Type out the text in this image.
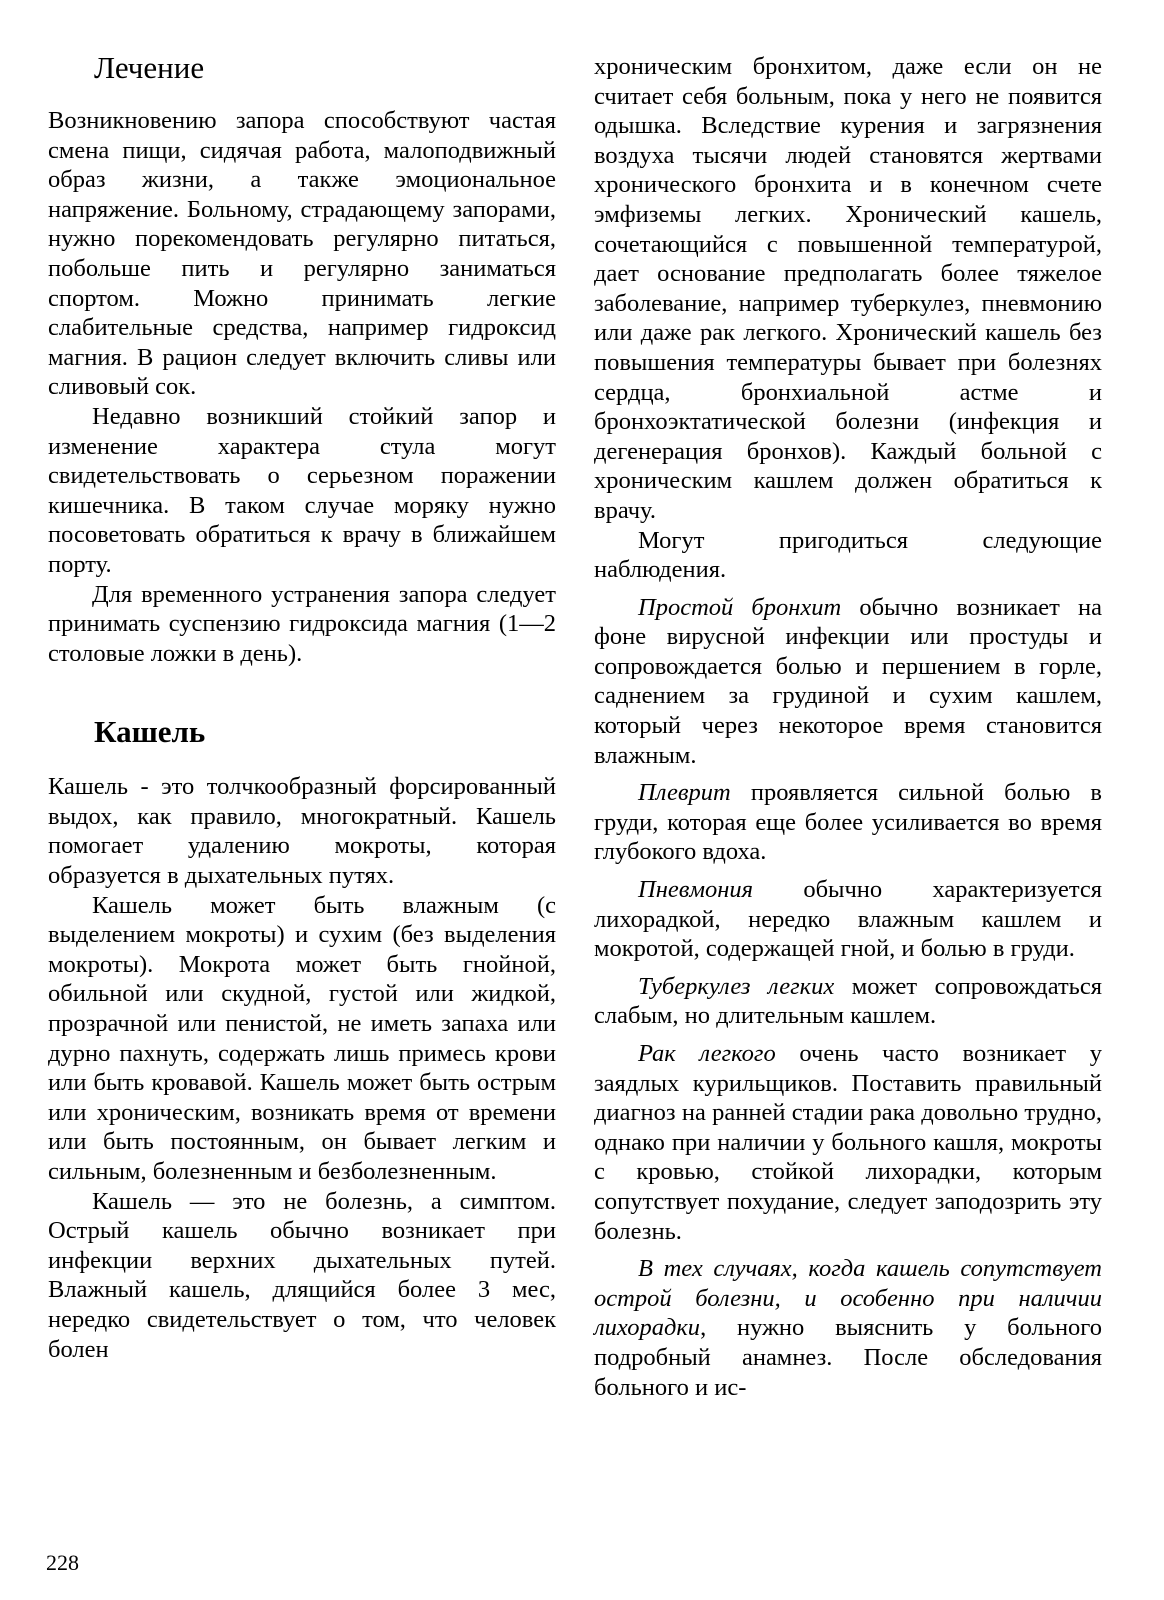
Лечение

Возникновению запора способствуют частая смена пищи, сидячая работа, малоподвижный образ жизни, а также эмоциональное напряжение. Больному, страдающему запорами, нужно порекомендовать регулярно питаться, побольше пить и регулярно заниматься спортом. Можно принимать легкие слабительные средства, например гидроксид магния. В рацион следует включить сливы или сливовый сок.

Недавно возникший стойкий запор и изменение характера стула могут свидетельствовать о серьезном поражении кишечника. В таком случае моряку нужно посоветовать обратиться к врачу в ближайшем порту.

Для временного устранения запора следует принимать суспензию гидроксида магния (1—2 столовые ложки в день).

Кашель

Кашель - это толчкообразный форсированный выдох, как правило, многократный. Кашель помогает удалению мокроты, которая образуется в дыхательных путях.

Кашель может быть влажным (с выделением мокроты) и сухим (без выделения мокроты). Мокрота может быть гнойной, обильной или скудной, густой или жидкой, прозрачной или пенистой, не иметь запаха или дурно пахнуть, содержать лишь примесь крови или быть кровавой. Кашель может быть острым или хроническим, возникать время от времени или быть постоянным, он бывает легким и сильным, болезненным и безболезненным.

Кашель — это не болезнь, а симптом. Острый кашель обычно возникает при инфекции верхних дыхательных путей. Влажный кашель, длящийся более 3 мес, нередко свидетельствует о том, что человек болен

хроническим бронхитом, даже если он не считает себя больным, пока у него не появится одышка. Вследствие курения и загрязнения воздуха тысячи людей становятся жертвами хронического бронхита и в конечном счете эмфиземы легких. Хронический кашель, сочетающийся с повышенной температурой, дает основание предполагать более тяжелое заболевание, например туберкулез, пневмонию или даже рак легкого. Хронический кашель без повышения температуры бывает при болезнях сердца, бронхиальной астме и бронхоэктатической болезни (инфекция и дегенерация бронхов). Каждый больной с хроническим кашлем должен обратиться к врачу.

Могут пригодиться следующие наблюдения.

Простой бронхит обычно возникает на фоне вирусной инфекции или простуды и сопровождается болью и першением в горле, саднением за грудиной и сухим кашлем, который через некоторое время становится влажным.

Плеврит проявляется сильной болью в груди, которая еще более усиливается во время глубокого вдоха.

Пневмония обычно характеризуется лихорадкой, нередко влажным кашлем и мокротой, содержащей гной, и болью в груди.

Туберкулез легких может сопровождаться слабым, но длительным кашлем.

Рак легкого очень часто возникает у заядлых курильщиков. Поставить правильный диагноз на ранней стадии рака довольно трудно, однако при наличии у больного кашля, мокроты с кровью, стойкой лихорадки, которым сопутствует похудание, следует заподозрить эту болезнь.

В тех случаях, когда кашель сопутствует острой болезни, и особенно при наличии лихорадки, нужно выяснить у больного подробный анамнез. После обследования больного и ис-

228
